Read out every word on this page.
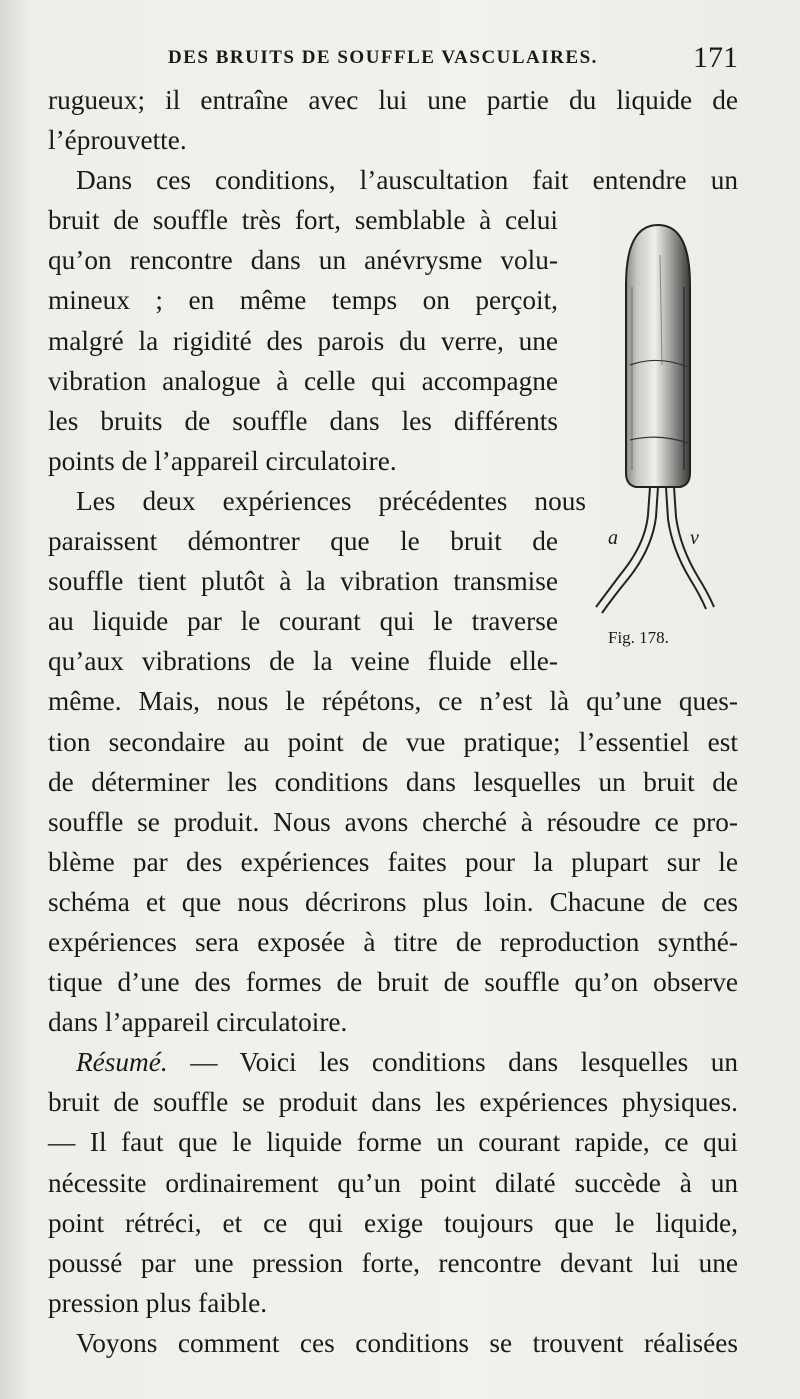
DES BRUITS DE SOUFFLE VASCULAIRES.	171
rugueux; il entraîne avec lui une partie du liquide de
l’éprouvette.
Dans ces conditions, l’auscultation fait entendre un
bruit de souffle très fort, semblable à celui
qu’on rencontre dans un anévrysme volu-
mineux ; en même temps on perçoit,
malgré la rigidité des parois du verre, une
vibration analogue à celle qui accompagne
les bruits de souffle dans les différents
points de l’appareil circulatoire.
Les deux expériences précédentes nous
paraissent démontrer que le bruit de
souffle tient plutôt à la vibration transmise
au liquide par le courant qui le traverse
qu’aux vibrations de la veine fluide elle-
même. Mais, nous le répétons, ce n’est là qu’une ques-
tion secondaire au point de vue pratique; l’essentiel est
de déterminer les conditions dans lesquelles un bruit de
souffle se produit. Nous avons cherché à résoudre ce pro-
blème par des expériences faites pour la plupart sur le
schéma et que nous décrirons plus loin. Chacune de ces
expériences sera exposée à titre de reproduction synthé-
tique d’une des formes de bruit de souffle qu’on observe
dans l’appareil circulatoire.
Résumé. — Voici les conditions dans lesquelles un
bruit de souffle se produit dans les expériences physiques.
— Il faut que le liquide forme un courant rapide, ce qui
nécessite ordinairement qu’un point dilaté succède à un
point rétréci, et ce qui exige toujours que le liquide,
poussé par une pression forte, rencontre devant lui une
pression plus faible.
Voyons comment ces conditions se trouvent réalisées
a	v
Fig. 178.
